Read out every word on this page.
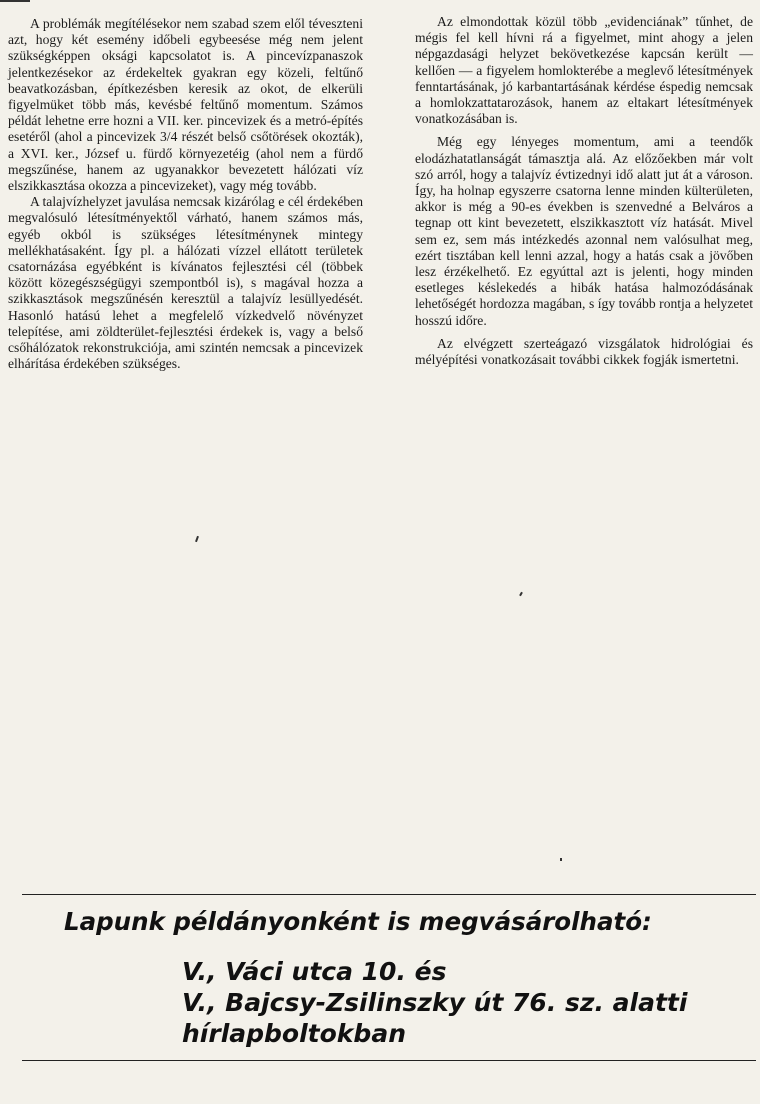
A problémák megítélésekor nem szabad szem elől téveszteni azt, hogy két esemény időbeli egybeesése még nem jelent szükségképpen oksági kapcsolatot is. A pincevízpanaszok jelentkezésekor az érdekeltek gyakran egy közeli, feltűnő beavatkozásban, építkezésben keresik az okot, de elkerüli figyelmüket több más, kevésbé feltűnő momentum. Számos példát lehetne erre hozni a VII. ker. pincevizek és a metró-építés esetéről (ahol a pincevizek 3/4 részét belső csőtörések okozták), a XVI. ker., József u. fürdő környezetéig (ahol nem a fürdő megszűnése, hanem az ugyanakkor bevezetett hálózati víz elszikkasztása okozza a pincevizeket), vagy még tovább.

A talajvízhelyzet javulása nemcsak kizárólag e cél érdekében megvalósuló létesítményektől várható, hanem számos más, egyéb okból is szükséges létesítménynek mintegy mellékhatásaként. Így pl. a hálózati vízzel ellátott területek csatornázása egyébként is kívánatos fejlesztési cél (többek között közegészségügyi szempontból is), s magával hozza a szikkasztások megszűnésén keresztül a talajvíz lesüllyedését. Hasonló hatású lehet a megfelelő vízkedvelő növényzet telepítése, ami zöldterület-fejlesztési érdekek is, vagy a belső csőhálózatok rekonstrukciója, ami szintén nemcsak a pincevizek elhárítása érdekében szükséges.

Az elmondottak közül több „evidenciának” tűnhet, de mégis fel kell hívni rá a figyelmet, mint ahogy a jelen népgazdasági helyzet bekövetkezése kapcsán került — kellően — a figyelem homlokterébe a meglevő létesítmények fenntartásának, jó karbantartásának kérdése éspedig nemcsak a homlokzattatarozások, hanem az eltakart létesítmények vonatkozásában is.

Még egy lényeges momentum, ami a teendők elodázhatatlanságát támasztja alá. Az előzőekben már volt szó arról, hogy a talajvíz évtizednyi idő alatt jut át a városon. Így, ha holnap egyszerre csatorna lenne minden külterületen, akkor is még a 90-es években is szenvedné a Belváros a tegnap ott kint bevezetett, elszikkasztott víz hatását. Mivel sem ez, sem más intézkedés azonnal nem valósulhat meg, ezért tisztában kell lenni azzal, hogy a hatás csak a jövőben lesz érzékelhető. Ez egyúttal azt is jelenti, hogy minden esetleges késlekedés a hibák hatása halmozódásának lehetőségét hordozza magában, s így tovább rontja a helyzetet hosszú időre.

Az elvégzett szerteágazó vizsgálatok hidrológiai és mélyépítési vonatkozásait további cikkek fogják ismertetni.

Lapunk példányonként is megvásárolható:
V., Váci utca 10. és
V., Bajcsy-Zsilinszky út 76. sz. alatti
hírlapboltokban
